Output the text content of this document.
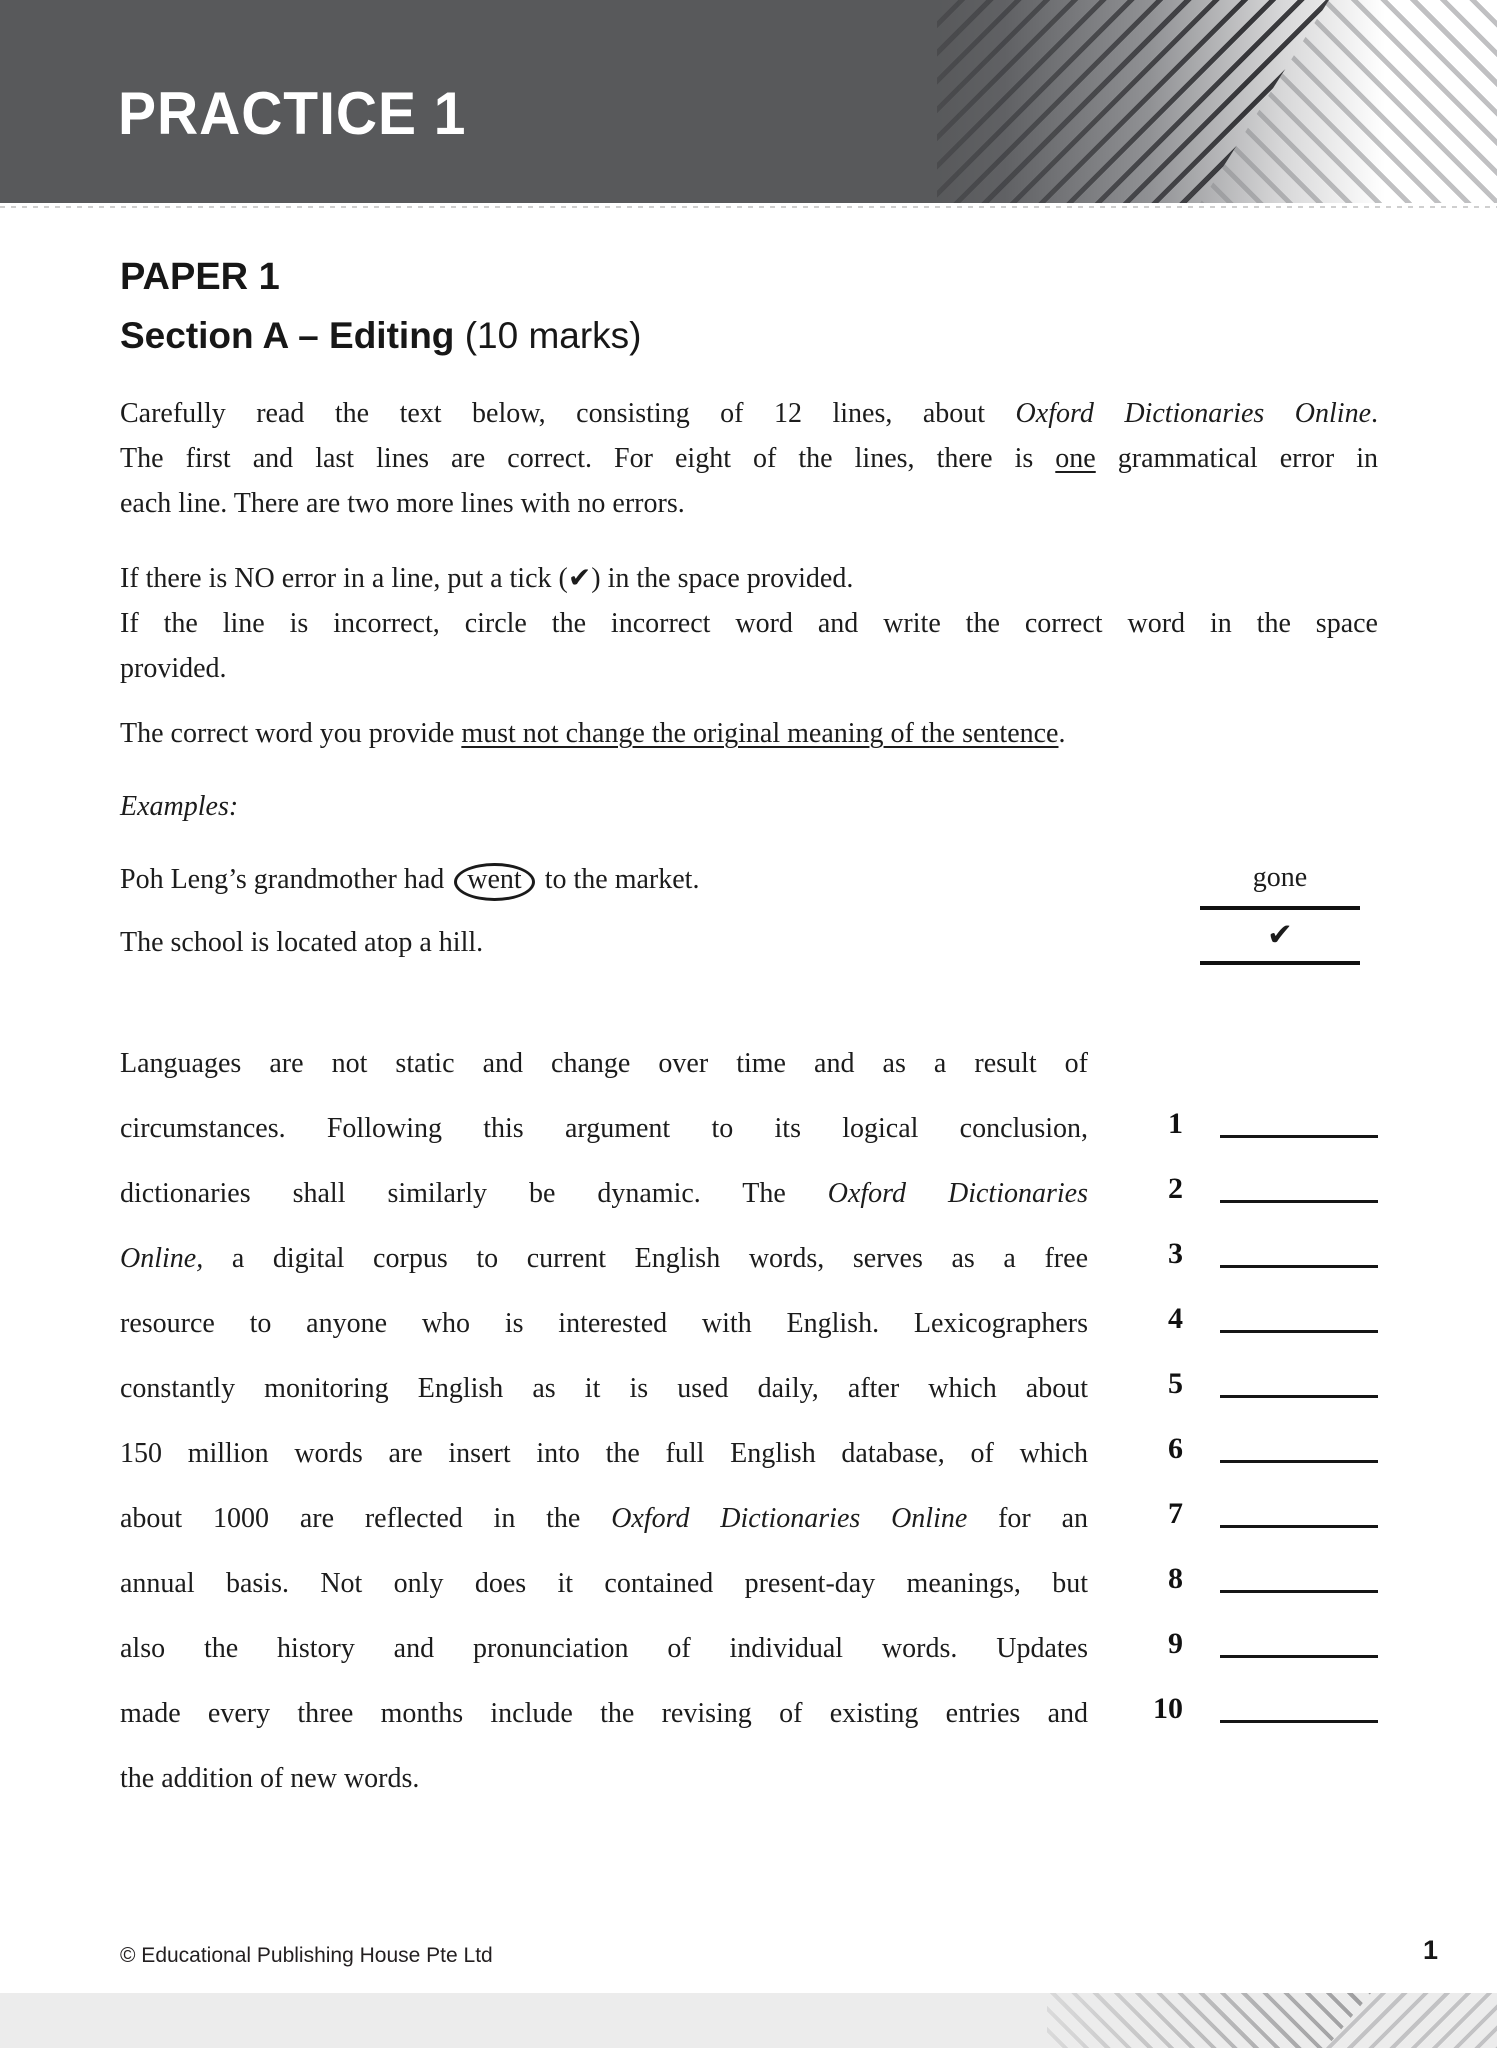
PRACTICE 1
PAPER 1
Section A – Editing (10 marks)
Carefully read the text below, consisting of 12 lines, about Oxford Dictionaries Online.
The first and last lines are correct. For eight of the lines, there is one grammatical error in
each line. There are two more lines with no errors.
If there is NO error in a line, put a tick (✔) in the space provided.
If the line is incorrect, circle the incorrect word and write the correct word in the space
provided.
The correct word you provide must not change the original meaning of the sentence.

Examples:

Poh Leng’s grandmother had went to the market.	gone
The school is located atop a hill.	✔
Languages are not static and change over time and as a result of
circumstances. Following this argument to its logical conclusion,	1
dictionaries shall similarly be dynamic. The Oxford Dictionaries	2
Online, a digital corpus to current English words, serves as a free	3
resource to anyone who is interested with English. Lexicographers	4
constantly monitoring English as it is used daily, after which about	5
150 million words are insert into the full English database, of which	6
about 1000 are reflected in the Oxford Dictionaries Online for an	7
annual basis. Not only does it contained present-day meanings, but	8
also the history and pronunciation of individual words. Updates	9
made every three months include the revising of existing entries and	10
the addition of new words.

© Educational Publishing House Pte Ltd	1
